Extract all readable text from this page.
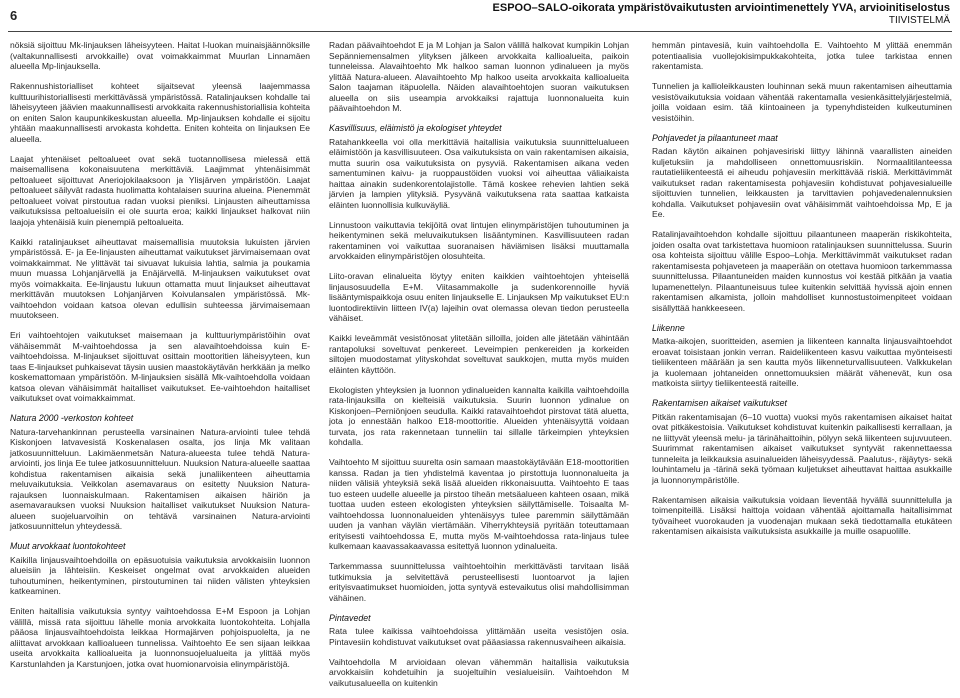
6	ESPOO–SALO-oikorata ympäristövaikutusten arviointimenettely YVA, arvioinitiselostus
TIIVISTELMÄ

nöksiä sijoittuu Mk-linjauksen läheisyyteen. Haitat I-luokan muinaisjäännöksille (valtakunnallisesti arvokkaille) ovat voimakkaimmat Muurlan Linnamäen alueella Mp-linjauksella.

Rakennushistorialliset kohteet sijaitsevat yleensä laajemmassa kulttuurihistoriallisesti merkittävässä ympäristössä. Ratalinjauksen kohdalle tai läheisyyteen jäävien maakunnallisesti arvokkaita rakennushistoriallisia kohteita on eniten Salon kaupunkikeskustan alueella. Mp-linjauksen kohdalle ei sijoitu yhtään maakunnallisesti arvokasta kohdetta. Eniten kohteita on linjauksen Ee alueella.

Laajat yhtenäiset peltoalueet ovat sekä tuotannollisesa mielessä että maisemallisena kokonaisuutena merkittäviä. Laajimmat yhtenäisimmät peltoalueet sijoittuvat Aneriojokilaaksoon ja Ylisjärven ympäristöön. Laajat peltoalueet säilyvät radasta huolimatta kohtalaisen suurina alueina. Pienemmät peltoalueet voivat pirstoutua radan vuoksi pieniksi. Linjausten aiheuttamissa vaikutuksissa peltoalueisiin ei ole suurta eroa; kaikki linjaukset halkovat niin laajoja yhtenäisiä kuin pienempiä peltoalueita.

Kaikki ratalinjaukset aiheuttavat maisemallisia muutoksia lukuisten järvien ympäristössä. E- ja Ee-linjausten aiheuttamat vaikutukset järvimaisemaan ovat voimakkaimmat. Ne ylittävät tai sivuavat lukuisia lahtia, salmia ja poukamia muun muassa Lohjanjärvellä ja Enäjärvellä. M-linjauksen vaikutukset ovat myös voimakkaita. Ee-linjaustu lukuun ottamatta muut linjaukset aiheuttavat merkittävän muutoksen Lohjanjärven Koivulansalen ympäristössä. Mk-vaihtoehdon voidaan katsoa olevan edullisin suhteessa järvimaisemaan muutokseen.

Eri vaihtoehtojen vaikutukset maisemaan ja kulttuuriympäristöihin ovat vähäisemmät M-vaihtoehdossa ja sen alavaihtoehdoissa kuin E-vaihtoehdoissa. M-linjaukset sijoittuvat osittain moottoritien läheisyyteen, kun taas E-linjaukset puhkaisevat täysin uusien maastokäytävän herkkään ja melko koskemattomaan ympäristöön. M-linjauksien sisällä Mk-vaihtoehdolla voidaan katsoa olevan vähäisimmät haitalliset vaikutukset. Ee-vaihtoehdon haitalliset vaikutukset ovat voimakkaimmat.

Natura 2000 -verkoston kohteet

Natura-tarvehankinnan perusteella varsinainen Natura-arviointi tulee tehdä Kiskonjoen latvavesistä Koskenalasen osalta, jos linja Mk valitaan jatkosuunnitteluun. Lakimäenmetsän Natura-alueesta tulee tehdä Natura-arviointi, jos linja Ee tulee jatkosuunnitteluun. Nuuksion Natura-alueelle saattaa kohdistua rakentamisen aikaisia sekä junaliikenteen aiheuttamia meluvaikutuksia. Veikkolan asemavaraus on esitetty Nuuksion Natura-rajauksen luonnaiskulmaan. Rakentamisen aikaisen häiriön ja asemavarauksen vuoksi Nuuksion haitalliset vaikutukset Nuuksion Natura-alueen suojeluarvoihin on tehtävä varsinainen Natura-arviointi jatkosuunnittelun yhteydessä.

Muut arvokkaat luontokohteet

Kaikilla linjausvaihtoehdoilla on epäsuotuisia vaikutuksia arvokkaisiin luonnon alueisiin ja lähteisiin. Keskeiset ongelmat ovat arvokkaiden alueiden tuhoutuminen, heikentyminen, pirstoutuminen tai niiden välisten yhteyksien katkeaminen.

Eniten haitallisia vaikutuksia syntyy vaihtoehdossa E+M Espoon ja Lohjan välillä, missä rata sijoittuu lähelle monia arvokkaita luontokohteita. Lohjalla pääosa linjausvaihtoehdoista leikkaa Hormajärven pohjoispuolelta, ja ne aliittavat arvokkaan kallioalueen tunnelissa. Vaihtoehto Ee sen sijaan leikkaa useita arvokkaita kallioalueita ja luonnonsuojelualueita ja ylittää myös Karstunlahden ja Karstunjoen, jotka ovat huomionarvoisia elinympäristöjä.

Radan päävaihtoehdot E ja M Lohjan ja Salon välillä halkovat kumpikin Lohjan Sepänniemensalmen ylityksen jälkeen arvokkaita kallioalueita, paikoin tunneleissa. Alavaihtoehto Mk halkoo saman luonnon ydinalueen ja myös ylittää Natura-alueen. Alavaihtoehto Mp halkoo useita arvokkaita kallioalueita Salon taajaman itäpuolella. Näiden alavaihtoehtojen suoran vaikutuksen alueella on siis useampia arvokkaiksi rajattuja luonnonalueita kuin päävaihtoehdon M.

Kasvillisuus, eläimistö ja ekologiset yhteydet

Ratahankkeella voi olla merkittäviä haitallisia vaikutuksia suunnittelualueen eläimistöön ja kasvillisuuteen. Osa vaikutuksista on vain rakentamisen aikaisia, mutta suurin osa vaikutuksista on pysyviä. Rakentamisen aikana veden samentuminen kaivu- ja ruoppaustöiden vuoksi voi aiheuttaa väliaikaista haittaa ainakin sudenkorentolajistolle. Tämä koskee rehevien lahtien sekä järvien ja lampien ylityksiä. Pysyvänä vaikutuksena rata saattaa katkaista eläinten luonnollisia kulkuväyliä.

Linnustoon vaikuttavia tekijöitä ovat lintujen elinympäristöjen tuhoutuminen ja heikentyminen sekä meluvaikutuksen lisääntyminen. Kasvillisuuteen radan rakentaminen voi vaikuttaa suoranaisen häviämisen lisäksi muuttamalla arvokkaiden elinympäristöjen olosuhteita.

Liito-oravan elinalueita löytyy eniten kaikkien vaihtoehtojen yhteisellä linjausosuudella E+M. Viitasammakolle ja sudenkorennoille hyviä lisääntymispaikkoja osuu eniten linjaukselle E. Linjauksen Mp vaikutukset EU:n luontodirektiivin liitteen IV(a) lajeihin ovat olemassa olevan tiedon perusteella vähäiset.

Kaikki leveämmät vesistönosat ylitetään silloilla, joiden alle jätetään vähintään rantapoluksi soveltuvat penkereet. Leveimpien penkereiden ja korkeiden siltojen muodostamat ylityskohdat soveltuvat saukkojen, mutta myös muiden eläinten käyttöön.

Ekologisten yhteyksien ja luonnon ydinalueiden kannalta kaikilla vaihtoehdoilla rata-linjauksilla on kielteisiä vaikutuksia. Suurin luonnon ydinalue on Kiskonjoen–Perniönjoen seudulla. Kaikki ratavaihtoehdot pirstovat tätä aluetta, jota jo ennestään halkoo E18-moottoritie. Alueiden yhtenäisyyttä voidaan turvata, jos rata rakennetaan tunneliin tai sillalle tärkeimpien yhteyksien kohdalla.

Vaihtoehto M sijoittuu suurelta osin samaan maastokäytävään E18-moottoritien kanssa. Radan ja tien yhdistelmä kaventaa jo pirstottuja luonnonalueita ja niiden välisiä yhteyksiä sekä lisää alueiden rikkonaisuutta. Vaihtoehto E taas tuo esteen uudelle alueelle ja pirstoo tiheän metsäalueen kahteen osaan, mikä tuottaa uuden esteen ekologisten yhteyksien säilyttämiselle. Toisaalta M-vaihtoehdossa luonnonalueiden yhtenäisyys tulee paremmin säilyttämään uuden ja vanhan väylän viertämään. Viherrykhteysiä pyritään toteuttamaan erityisesti vaihtoehdossa E, mutta myös M-vaihtoehdossa rata-linjaus tulee kulkemaan kaavassakaavassa esitettyä luonnon ydinalueita.

Tarkemmassa suunnittelussa vaihtoehtoihin merkittävästi tarvitaan lisää tutkimuksia ja selvitettävä perusteellisesti luontoarvot ja lajien erityisvaatimukset huomioiden, jotta syntyvä estevaikutus olisi mahdollisimman vähäinen.

Pintavedet

Rata tulee kaikissa vaihtoehdoissa ylittämään useita vesistöjen osia. Pintavesiin kohdistuvat vaikutukset ovat pääasiassa rakennusvaiheen aikaisia.

Vaihtoehdolla M arvioidaan olevan vähemmän haitallisia vaikutuksia arvokkaisiin kohdetuihin ja suojeltuihin vesialueisiin. Vaihtoehdon M vaikutusalueella on kuitenkin

hemmän pintavesiä, kuin vaihtoehdolla E. Vaihtoehto M ylittää enemmän potentiaalisia vuollejokisimpukkakohteita, jotka tulee tarkistaa ennen rakentamista.

Tunnelien ja kallioleikkausten louhinnan sekä muun rakentamisen aiheuttamia vesistövaikutuksia voidaan vähentää rakentamalla vesienkäsittelyjärjestelmiä, joilla voidaan esim. tää kiintoaineen ja typenyhdisteiden kulkeutuminen vesistöihin.

Pohjavedet ja pilaantuneet maat

Radan käytön aikainen pohjavesiriski liittyy lähinnä vaarallisten aineiden kuljetuksiin ja mahdolliseen onnettomuusriskiin. Normaalitilanteessa rautatieliikenteestä ei aiheudu pohjavesiin merkittävää riskiä. Merkittävimmät vaikutukset radan rakentamisesta pohjavesiin kohdistuvat pohjavesialueille sijoittuvien tunnelien, leikkausten ja tarvittavien pohjavedenalennuksien kohdalla. Vaikutukset pohjavesiin ovat vähäisimmät vaihtoehdoissa Mp, E ja Ee.

Ratalinjavaihtoehdon kohdalle sijoittuu pilaantuneen maaperän riskikohteita, joiden osalta ovat tarkistettava huomioon ratalinjauksen suunnittelussa. Suurin osa kohteista sijoittuu välille Espoo–Lohja. Merkittävimmät vaikutukset radan rakentamisesta pohjaveteen ja maaperään on otettava huomioon tarkemmassa suunnittelussa. Pilaantuneiden maiden kunnostus voi kestää pitkään ja vaatia lupamenettelyn. Pilaantuneisuus tulee kuitenkin selvittää hyvissä ajoin ennen rakentamisen alkamista, jolloin mahdolliset kunnostustoimenpiteet voidaan sisällyttää hankkeeseen.

Liikenne

Matka-aikojen, suoritteiden, asemien ja liikenteen kannalta linjausvaihtoehdot eroavat toisistaan jonkin verran. Raideliikenteen kasvu vaikuttaa myönteisesti tieliikenteen määrään ja sen kautta myös liikenneturvallisuuteen. Valkkukelan ja kuolemaan johtaneiden onnettomuuksien määrät vähenevät, kun osa matkoista siirtyy tieliikenteestä raiteille.

Rakentamisen aikaiset vaikutukset

Pitkän rakentamisajan (6–10 vuotta) vuoksi myös rakentamisen aikaiset haitat ovat pitkäkestoisia. Vaikutukset kohdistuvat kuitenkin paikallisesti kerrallaan, ja ne liittyvät yleensä melu- ja tärinähaittoihin, pölyyn sekä liikenteen sujuvuuteen. Suurimmat rakentamisen aikaiset vaikutukset syntyvät rakennettaessa tunneleita ja leikkauksia asuinalueiden läheisyydessä. Paalutus-, räjäytys- sekä louhintamelu ja -tärinä sekä työmaan kuljetukset aiheuttavat haittaa asukkaille ja luonnonympäristölle.

Rakentamisen aikaisia vaikutuksia voidaan lieventää hyvällä suunnittelulla ja toimenpiteillä. Lisäksi haittoja voidaan vähentää ajoittamalla haitallisimmat työvaiheet vuorokauden ja vuodenajan mukaan sekä tiedottamalla etukäteen rakentamisen aikaisista vaikutuksista asukkaille ja muille osapuolille.
